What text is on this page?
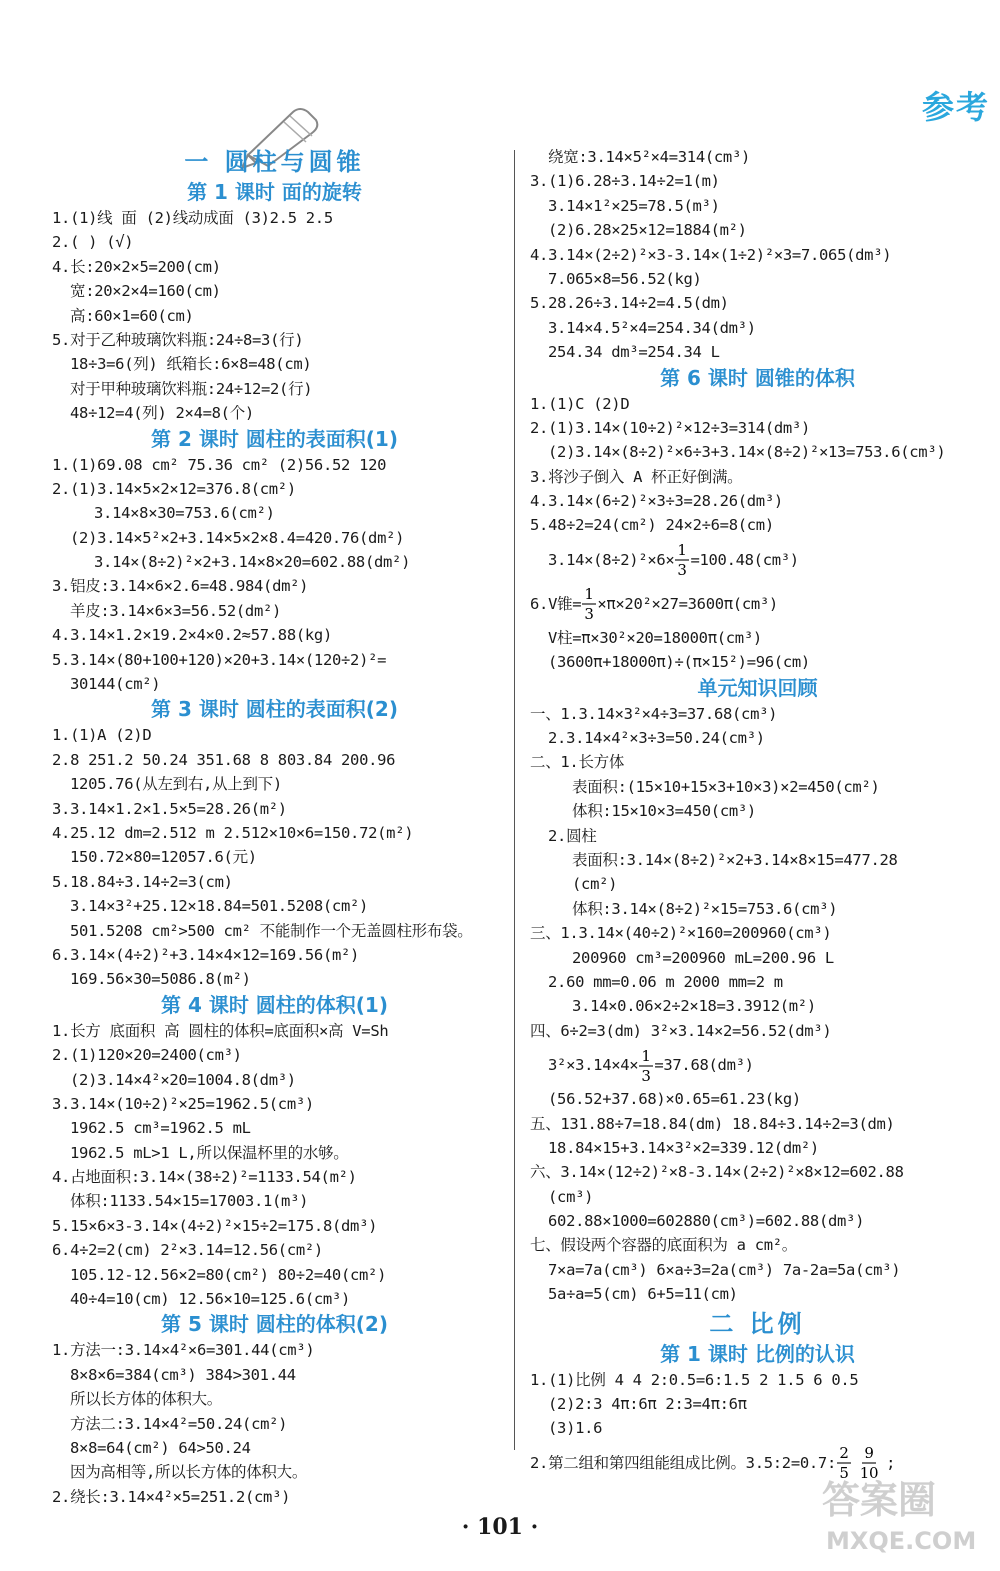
参考
一 圆柱与圆锥
第 1 课时 面的旋转
1.(1)线 面 (2)线动成面 (3)2.5 2.5
2.( ) (√)
4.长:20×2×5=200(cm)
宽:20×2×4=160(cm)
高:60×1=60(cm)
5.对于乙种玻璃饮料瓶:24÷8=3(行)
18÷3=6(列) 纸箱长:6×8=48(cm)
对于甲种玻璃饮料瓶:24÷12=2(行)
48÷12=4(列) 2×4=8(个)
第 2 课时 圆柱的表面积(1)
1.(1)69.08 cm² 75.36 cm² (2)56.52 120
2.(1)3.14×5×2×12=376.8(cm²)
3.14×8×30=753.6(cm²)
(2)3.14×5²×2+3.14×5×2×8.4=420.76(dm²)
3.14×(8÷2)²×2+3.14×8×20=602.88(dm²)
3.铝皮:3.14×6×2.6=48.984(dm²)
羊皮:3.14×6×3=56.52(dm²)
4.3.14×1.2×19.2×4×0.2≈57.88(kg)
5.3.14×(80+100+120)×20+3.14×(120÷2)²=
30144(cm²)
第 3 课时 圆柱的表面积(2)
1.(1)A (2)D
2.8 251.2 50.24 351.68 8 803.84 200.96
1205.76(从左到右,从上到下)
3.3.14×1.2×1.5×5=28.26(m²)
4.25.12 dm=2.512 m 2.512×10×6=150.72(m²)
150.72×80=12057.6(元)
5.18.84÷3.14÷2=3(cm)
3.14×3²+25.12×18.84=501.5208(cm²)
501.5208 cm²>500 cm² 不能制作一个无盖圆柱形布袋。
6.3.14×(4÷2)²+3.14×4×12=169.56(m²)
169.56×30=5086.8(m²)
第 4 课时 圆柱的体积(1)
1.长方 底面积 高 圆柱的体积=底面积×高 V=Sh
2.(1)120×20=2400(cm³)
(2)3.14×4²×20=1004.8(dm³)
3.3.14×(10÷2)²×25=1962.5(cm³)
1962.5 cm³=1962.5 mL
1962.5 mL>1 L,所以保温杯里的水够。
4.占地面积:3.14×(38÷2)²=1133.54(m²)
体积:1133.54×15=17003.1(m³)
5.15×6×3-3.14×(4÷2)²×15÷2=175.8(dm³)
6.4÷2=2(cm) 2²×3.14=12.56(cm²)
105.12-12.56×2=80(cm²) 80÷2=40(cm²)
40÷4=10(cm) 12.56×10=125.6(cm³)
第 5 课时 圆柱的体积(2)
1.方法一:3.14×4²×6=301.44(cm³)
8×8×6=384(cm³) 384>301.44
所以长方体的体积大。
方法二:3.14×4²=50.24(cm²)
8×8=64(cm²) 64>50.24
因为高相等,所以长方体的体积大。
2.绕长:3.14×4²×5=251.2(cm³)
绕宽:3.14×5²×4=314(cm³)
3.(1)6.28÷3.14÷2=1(m)
3.14×1²×25=78.5(m³)
(2)6.28×25×12=1884(m²)
4.3.14×(2÷2)²×3-3.14×(1÷2)²×3=7.065(dm³)
7.065×8=56.52(kg)
5.28.26÷3.14÷2=4.5(dm)
3.14×4.5²×4=254.34(dm³)
254.34 dm³=254.34 L
第 6 课时 圆锥的体积
1.(1)C (2)D
2.(1)3.14×(10÷2)²×12÷3=314(dm³)
(2)3.14×(8÷2)²×6÷3+3.14×(8÷2)²×13=753.6(cm³)
3.将沙子倒入 A 杯正好倒满。
4.3.14×(6÷2)²×3÷3=28.26(dm³)
5.48÷2=24(cm²) 24×2÷6=8(cm)
3.14×(8÷2)²×6×
1
3
=100.48(cm³)
6.V锥=
1
3
×π×20²×27=3600π(cm³)
V柱=π×30²×20=18000π(cm³)
(3600π+18000π)÷(π×15²)=96(cm)
单元知识回顾
一、1.3.14×3²×4÷3=37.68(cm³)
2.3.14×4²×3÷3=50.24(cm³)
二、1.长方体
表面积:(15×10+15×3+10×3)×2=450(cm²)
体积:15×10×3=450(cm³)
2.圆柱
表面积:3.14×(8÷2)²×2+3.14×8×15=477.28
(cm²)
体积:3.14×(8÷2)²×15=753.6(cm³)
三、1.3.14×(40÷2)²×160=200960(cm³)
200960 cm³=200960 mL=200.96 L
2.60 mm=0.06 m 2000 mm=2 m
3.14×0.06×2÷2×18=3.3912(m²)
四、6÷2=3(dm) 3²×3.14×2=56.52(dm³)
3²×3.14×4×
1
3
=37.68(dm³)
(56.52+37.68)×0.65=61.23(kg)
五、131.88÷7=18.84(dm) 18.84÷3.14÷2=3(dm)
18.84×15+3.14×3²×2=339.12(dm²)
六、3.14×(12÷2)²×8-3.14×(2÷2)²×8×12=602.88
(cm³)
602.88×1000=602880(cm³)=602.88(dm³)
七、假设两个容器的底面积为 a cm²。
7×a=7a(cm³) 6×a÷3=2a(cm³) 7a-2a=5a(cm³)
5a÷a=5(cm) 6+5=11(cm)
二 比例
第 1 课时 比例的认识
1.(1)比例 4 4 2:0.5=6:1.5 2 1.5 6 0.5
(2)2:3 4π:6π 2:3=4π:6π
(3)1.6
2.第二组和第四组能组成比例。3.5:2=0.7:
2
5

9
10
;
· 101 ·
答案圈
MXQE.COM
